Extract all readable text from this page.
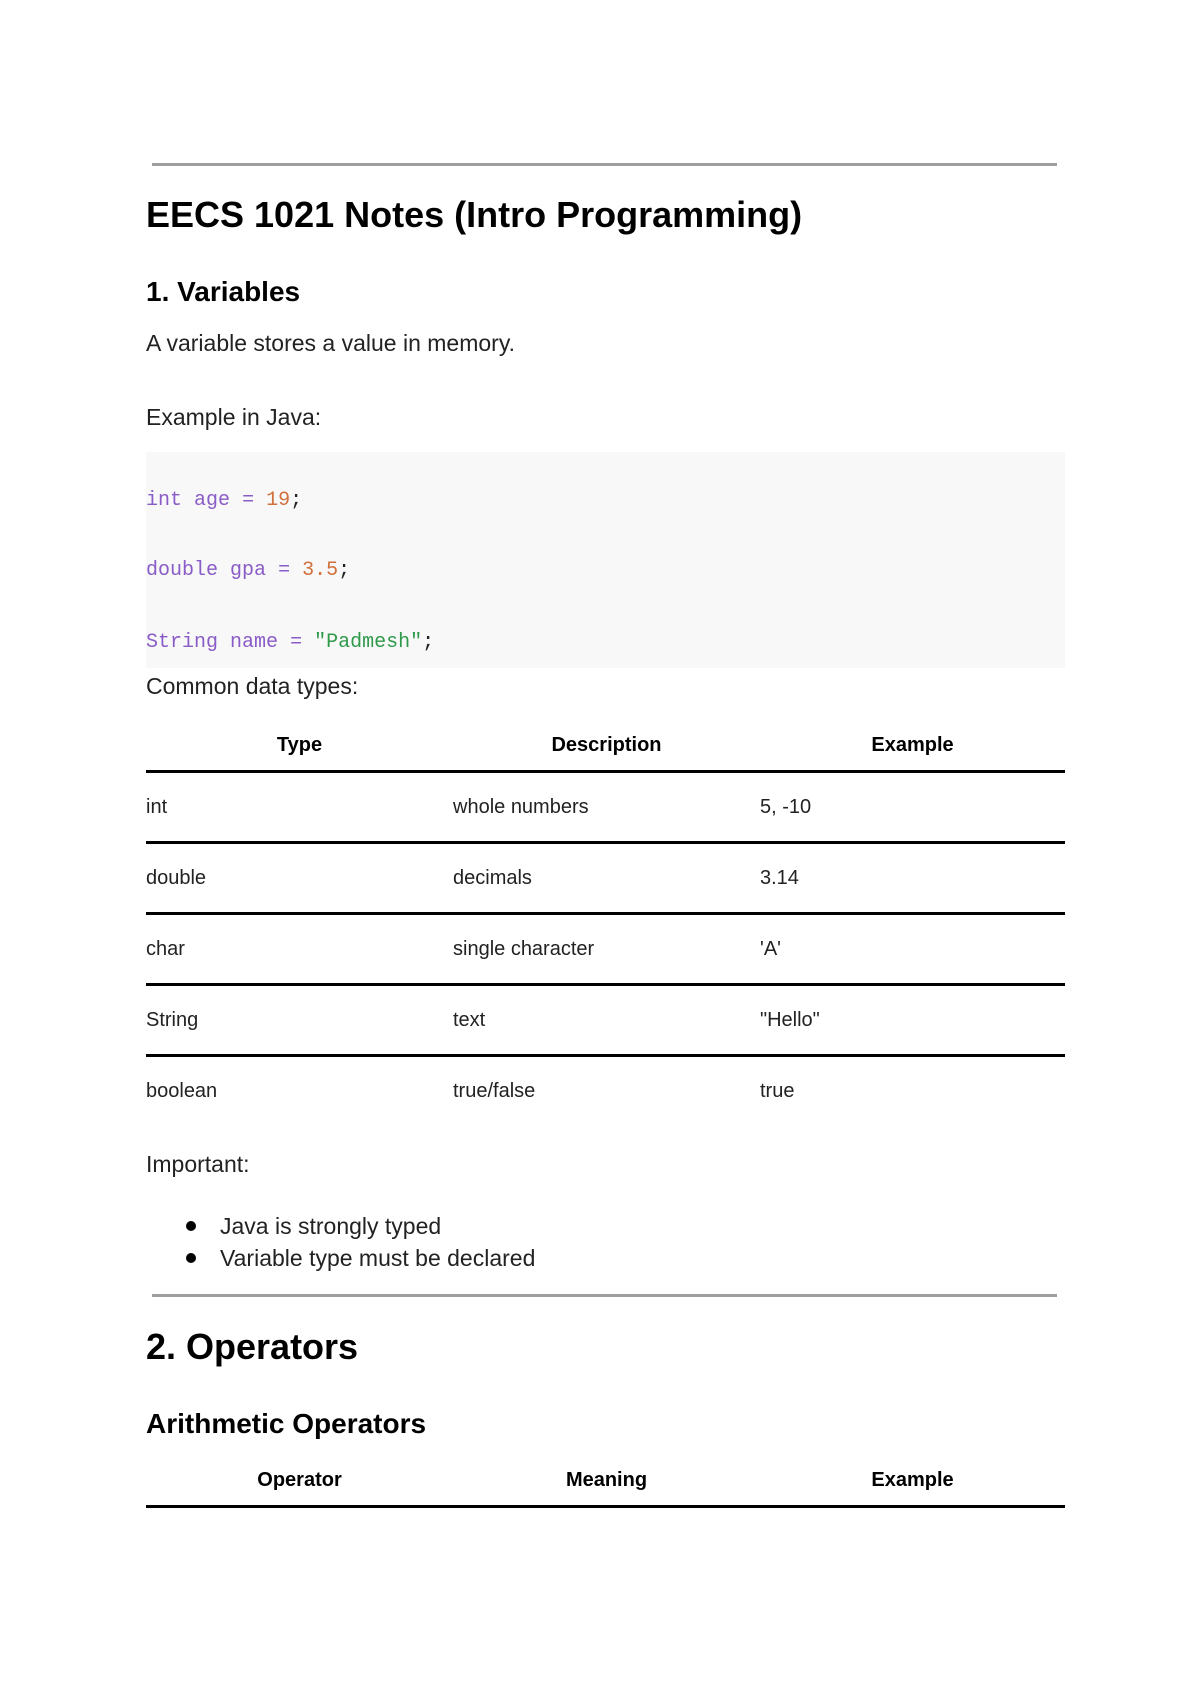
EECS 1021 Notes (Intro Programming)
1. Variables
A variable stores a value in memory.
Example in Java:
int age = 19;
double gpa = 3.5;
String name = "Padmesh";
Common data types:
Type	Description	Example
int	whole numbers	5, -10
double	decimals	3.14
char	single character	'A'
String	text	"Hello"
boolean	true/false	true
Important:
Java is strongly typed
Variable type must be declared
2. Operators
Arithmetic Operators
Operator	Meaning	Example
